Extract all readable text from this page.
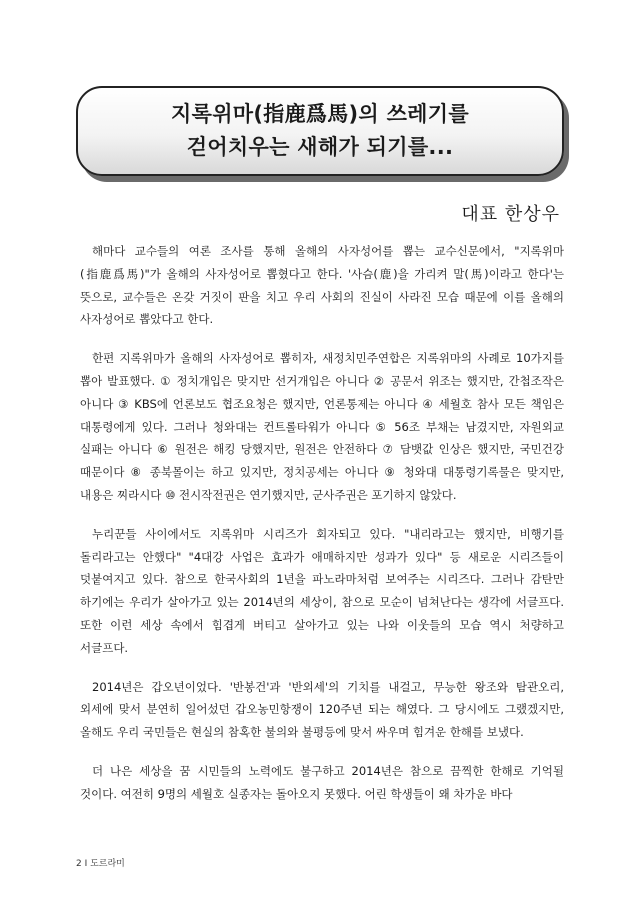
지록위마(指鹿爲馬)의 쓰레기를
걷어치우는 새해가 되기를...
대표 한상우

해마다 교수들의 여론 조사를 통해 올해의 사자성어를 뽑는 교수신문에서, "지록위마(指鹿爲馬)"가 올해의 사자성어로 뽑혔다고 한다. '사슴(鹿)을 가리켜 말(馬)이라고 한다'는 뜻으로, 교수들은 온갖 거짓이 판을 치고 우리 사회의 진실이 사라진 모습 때문에 이를 올해의 사자성어로 뽑았다고 한다.

한편 지록위마가 올해의 사자성어로 뽑히자, 새정치민주연합은 지록위마의 사례로 10가지를 뽑아 발표했다. ① 정치개입은 맞지만 선거개입은 아니다 ② 공문서 위조는 했지만, 간첩조작은 아니다 ③ KBS에 언론보도 협조요청은 했지만, 언론통제는 아니다 ④ 세월호 참사 모든 책임은 대통령에게 있다. 그러나 청와대는 컨트롤타워가 아니다 ⑤ 56조 부채는 남겼지만, 자원외교 실패는 아니다 ⑥ 원전은 해킹 당했지만, 원전은 안전하다 ⑦ 담뱃값 인상은 했지만, 국민건강 때문이다 ⑧ 종북몰이는 하고 있지만, 정치공세는 아니다 ⑨ 청와대 대통령기록물은 맞지만, 내용은 찌라시다 ⑩ 전시작전권은 연기했지만, 군사주권은 포기하지 않았다.

누리꾼들 사이에서도 지록위마 시리즈가 회자되고 있다. "내리라고는 했지만, 비행기를 돌리라고는 안했다" "4대강 사업은 효과가 애매하지만 성과가 있다" 등 새로운 시리즈들이 덧붙여지고 있다. 참으로 한국사회의 1년을 파노라마처럼 보여주는 시리즈다. 그러나 감탄만 하기에는 우리가 살아가고 있는 2014년의 세상이, 참으로 모순이 넘쳐난다는 생각에 서글프다. 또한 이런 세상 속에서 힘겹게 버티고 살아가고 있는 나와 이웃들의 모습 역시 처량하고 서글프다.

2014년은 갑오년이었다. '반봉건'과 '반외세'의 기치를 내걸고, 무능한 왕조와 탐관오리, 외세에 맞서 분연히 일어섰던 갑오농민항쟁이 120주년 되는 해였다. 그 당시에도 그랬겠지만, 올해도 우리 국민들은 현실의 참혹한 불의와 불평등에 맞서 싸우며 힘겨운 한해를 보냈다.

더 나은 세상을 꿈 시민들의 노력에도 불구하고 2014년은 참으로 끔찍한 한해로 기억될 것이다. 여전히 9명의 세월호 실종자는 돌아오지 못했다. 어린 학생들이 왜 차가운 바다

2 I 도르라미
